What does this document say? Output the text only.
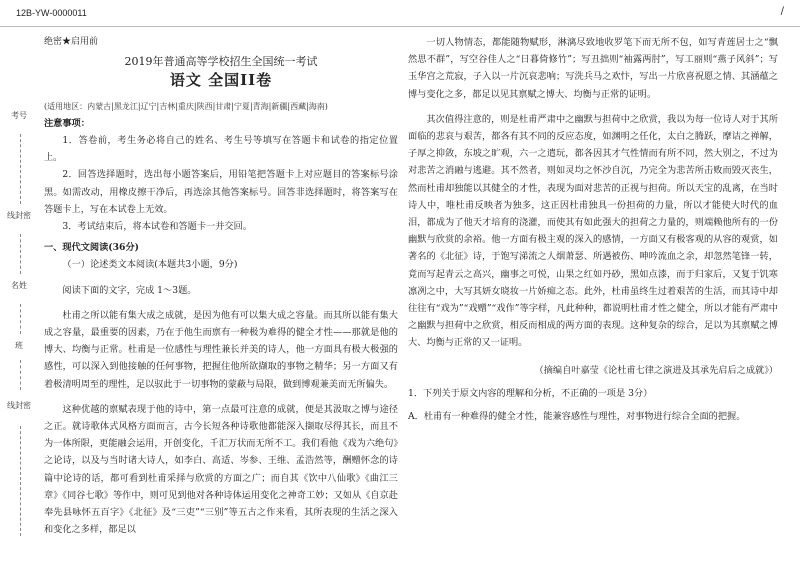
12B-YW-0000011	/
考号
线封密
名姓
班
线封密
绝密★启用前
2019年普通高等学校招生全国统一考试
语文 全国II卷
(适用地区：内蒙古|黑龙江|辽宁|吉林|重庆|陕西|甘肃|宁夏|青海|新疆|西藏|海南)
注意事项：

1．答卷前，考生务必将自己的姓名、考生号等填写在答题卡和试卷的指定位置上。

2．回答选择题时，选出每小题答案后，用铅笔把答题卡上对应题目的答案标号涂黑。如需改动，用橡皮擦干净后，再选涂其他答案标号。回答非选择题时，将答案写在答题卡上，写在本试卷上无效。

3．考试结束后，将本试卷和答题卡一并交回。

一、现代文阅读(36分)

（一）论述类文本阅读(本题共3小题，9分)

阅读下面的文字，完成 1～3题。

杜甫之所以能有集大成之成就，是因为他有可以集大成之容量。而其所以能有集大成之容量，最重要的因素，乃在于他生而禀有一种极为难得的健全才性——那就是他的博大、均衡与正常。杜甫是一位感性与理性兼长并美的诗人，他一方面具有极大极强的感性，可以深入到他接触的任何事物，把握住他所欲撷取的事物之精华；另一方面又有着极清明周至的理性，足以驭此于一切事物的蒙蔽与局限，做到博观兼美而无所偏失。

这种优越的禀赋表现于他的诗中，第一点最可注意的成就，便是其汲取之博与途径之正。就诗歌体式风格方面而言，古今长短各种诗歌他都能深入撷取尽得其长，而且不为一体所限，更能融会运用，开创变化，千汇万状而无所不工。我们看他《戏为六绝句》之论诗，以及与当时诸大诗人，如李白、高适、岑参、王维、孟浩然等，酬赠怀念的诗篇中论诗的话，都可看到杜甫采择与欣赏的方面之广；而自其《饮中八仙歌》《曲江三章》《同谷七歌》等作中，则可见到他对各种诗体运用变化之神奇工妙；又如从《自京赴奉先县咏怀五百字》《北征》及“三吏”“三别”等五古之作来看，其所表现的生活之深入和变化之多样，都足以

一切人物情态，都能随物赋形，淋漓尽致地收罗笔下而无所不包，如写青莲居士之“飘然思不群”，写空谷佳人之“日暮倚修竹”；写丑拙则“袖露两肘”，写工丽则“燕子风斜”；写玉华宫之荒寂，子入以一片沉哀悲响；写洗兵马之欢忭，写出一片欣喜祝愿之情、其涵蕴之博与变化之多，都足以见其禀赋之博大、均衡与正常的证明。

其次值得注意的，则是杜甫严肃中之幽默与担荷中之欣赏，我以为每一位诗人对于其所面临的悲哀与艰苦，都各有其不同的反应态度，如渊明之任化，太白之腾跃，摩诘之禅解，子厚之抑敛，东坡之旷观，六一之遣玩，都各因其才气性情而有所不同，然大别之，不过为对悲苦之消融与逃避。其不然者，则如灵均之怀沙自沉，乃完全为悲苦所击败而毁灭丧生，然而杜甫却独能以其健全的才性，表现为面对悲苦的正视与担荷。所以天宝的乱离，在当时诗人中，唯杜甫反映者为独多，这正因杜甫独具一份担荷的力量，所以才能使大时代的血泪，都成为了他天才培育的浇灌，而使其有如此强大的担荷之力量的，则端赖他所有的一份幽默与欣赏的余裕。他一方面有极主观的深入的感情，一方面又有极客观的从容的观赏，如著名的《北征》诗，于饱写涕流之人烟萧瑟、所遇被伤、呻吟流血之余，却忽然笔锋一转，竟而写起青云之高兴，幽事之可悦，山果之红如丹砂，黑如点漆，而于归家后，又复于饥寒凛冽之中，大写其妍女晓妆一片娇痴之态。此外，杜甫虽终生过着艰苦的生活，而其诗中却往往有“戏为”“戏赠”“戏作”等字样，凡此种种，都说明杜甫才性之健全，所以才能有严肃中之幽默与担荷中之欣赏，相反而相成的两方面的表现。这种复杂的综合，足以为其禀赋之博大、均衡与正常的又一证明。

（摘编自叶嘉莹《论杜甫七律之演进及其承先启后之成就》）
1．下列关于原文内容的理解和分析，不正确的一项是 3分）
A．杜甫有一种难得的健全才性，能兼容感性与理性，对事物进行综合全面的把握。
